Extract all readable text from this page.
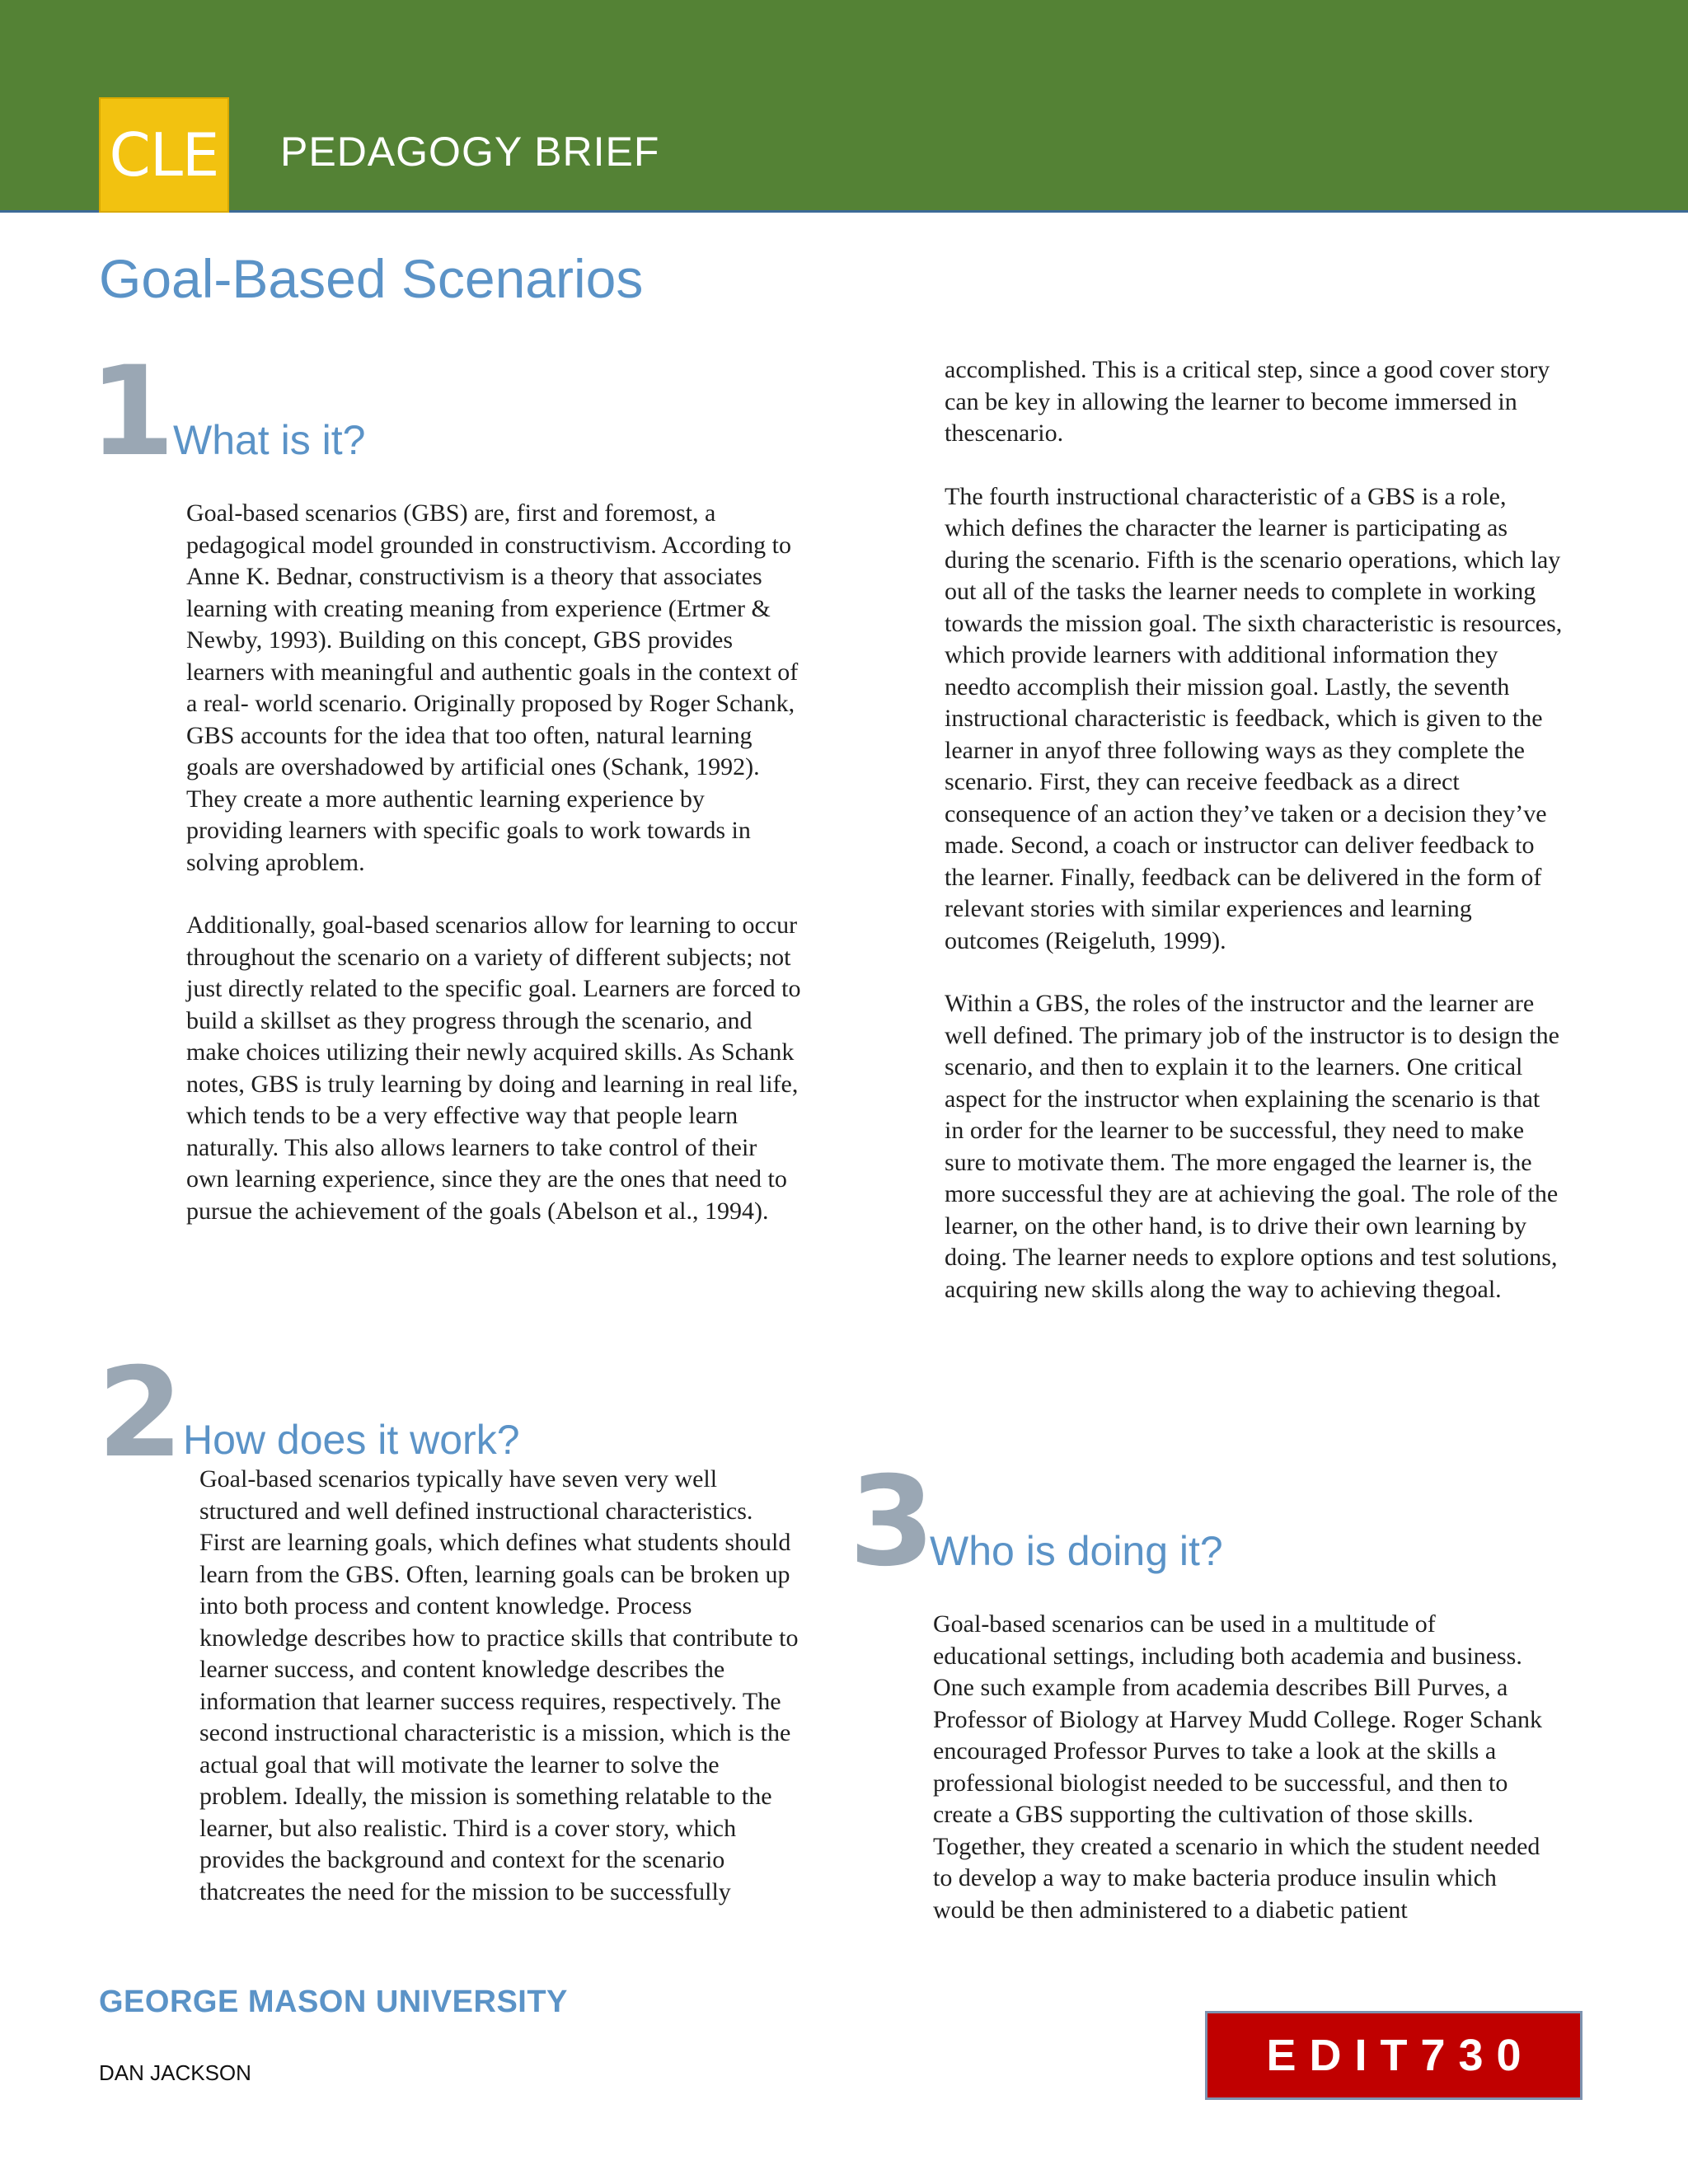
CLE PEDAGOGY BRIEF
Goal-Based Scenarios
1
What is it?

Goal-based scenarios (GBS) are, first and foremost, a pedagogical model grounded in constructivism. According to Anne K. Bednar, constructivism is a theory that associates learning with creating meaning from experience (Ertmer & Newby, 1993). Building on this concept, GBS provides learners with meaningful and authentic goals in the context of a real- world scenario. Originally proposed by Roger Schank, GBS accounts for the idea that too often, natural learning goals are overshadowed by artificial ones (Schank, 1992). They create a more authentic learning experience by providing learners with specific goals to work towards in solving aproblem.

Additionally, goal-based scenarios allow for learning to occur throughout the scenario on a variety of different subjects; not just directly related to the specific goal. Learners are forced to build a skillset as they progress through the scenario, and make choices utilizing their newly acquired skills. As Schank notes, GBS is truly learning by doing and learning in real life, which tends to be a very effective way that people learn naturally. This also allows learners to take control of their own learning experience, since they are the ones that need to pursue the achievement of the goals (Abelson et al., 1994).

2 How does it work?

Goal-based scenarios typically have seven very well structured and well defined instructional characteristics. First are learning goals, which defines what students should learn from the GBS. Often, learning goals can be broken up into both process and content knowledge. Process knowledge describes how to practice skills that contribute to learner success, and content knowledge describes the information that learner success requires, respectively. The second instructional characteristic is a mission, which is the actual goal that will motivate the learner to solve the problem. Ideally, the mission is something relatable to the learner, but also realistic. Third is a cover story, which provides the background and context for the scenario thatcreates the need for the mission to be successfully

accomplished. This is a critical step, since a good cover story can be key in allowing the learner to become immersed in thescenario.

The fourth instructional characteristic of a GBS is a role, which defines the character the learner is participating as during the scenario. Fifth is the scenario operations, which lay out all of the tasks the learner needs to complete in working towards the mission goal. The sixth characteristic is resources, which provide learners with additional information they needto accomplish their mission goal. Lastly, the seventh instructional characteristic is feedback, which is given to the learner in anyof three following ways as they complete the scenario. First, they can receive feedback as a direct consequence of an action they’ve taken or a decision they’ve made. Second, a coach or instructor can deliver feedback to the learner. Finally, feedback can be delivered in the form of relevant stories with similar experiences and learning outcomes (Reigeluth, 1999).

Within a GBS, the roles of the instructor and the learner are well defined. The primary job of the instructor is to design the scenario, and then to explain it to the learners. One critical aspect for the instructor when explaining the scenario is that in order for the learner to be successful, they need to make sure to motivate them. The more engaged the learner is, the more successful they are at achieving the goal. The role of the learner, on the other hand, is to drive their own learning by doing. The learner needs to explore options and test solutions, acquiring new skills along the way to achieving thegoal.

3
Who is doing it?

Goal-based scenarios can be used in a multitude of educational settings, including both academia and business. One such example from academia describes Bill Purves, a Professor of Biology at Harvey Mudd College. Roger Schank encouraged Professor Purves to take a look at the skills a professional biologist needed to be successful, and then to create a GBS supporting the cultivation of those skills. Together, they created a scenario in which the student needed to develop a way to make bacteria produce insulin which would be then administered to a diabetic patient

GEORGE MASON UNIVERSITY
DAN JACKSON	EDIT730
